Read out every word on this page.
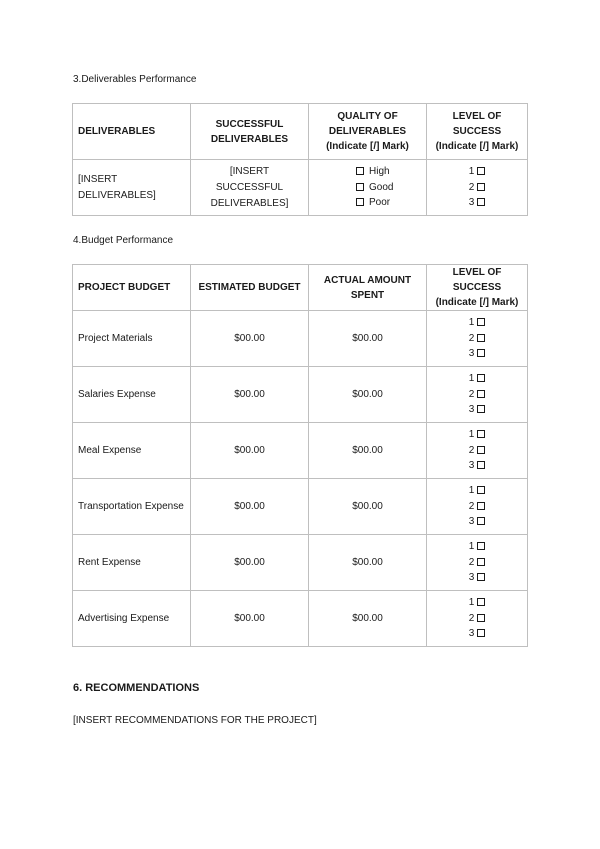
3.Deliverables Performance
DELIVERABLES	SUCCESSFUL DELIVERABLES	QUALITY OF DELIVERABLES (Indicate [/] Mark)	LEVEL OF SUCCESS (Indicate [/] Mark)
[INSERT DELIVERABLES]	[INSERT SUCCESSFUL DELIVERABLES]	High
Good
Poor	1
2
3
4.Budget Performance
PROJECT BUDGET	ESTIMATED BUDGET	ACTUAL AMOUNT SPENT	LEVEL OF SUCCESS (Indicate [/] Mark)
Project Materials	$00.00	$00.00	1
2
3

Salaries Expense	$00.00	$00.00	1
2
3

Meal Expense	$00.00	$00.00	1
2
3

Transportation Expense	$00.00	$00.00	1
2
3

Rent Expense	$00.00	$00.00	1
2
3

Advertising Expense	$00.00	$00.00	1
2
3
6. RECOMMENDATIONS
[INSERT RECOMMENDATIONS FOR THE PROJECT]
